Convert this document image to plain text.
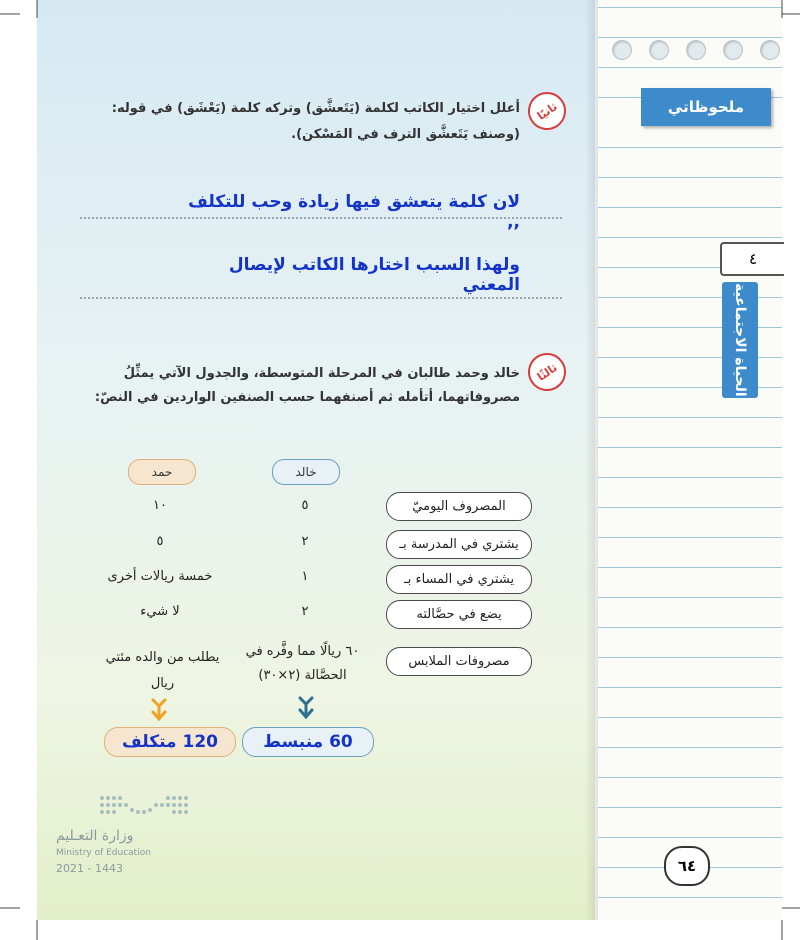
ملحوظاتي
٤
الحياة الاجتماعية
٦٤
ثانيًا
أعلل اختيار الكاتب لكلمة (يَتَعشَّق) وتركه كلمة (يَعْشَق) في قوله:
(وصنف يَتَعشَّق الترف في المَسْكن).
لان كلمة يتعشق فيها زيادة وحب للتكلف ,,
ولهذا السبب اختارها الكاتب لإيصال المعني
ثالثًا
خالد وحمد طالبان في المرحلة المتوسطة، والجدول الآتي يمثِّلُ
مصروفاتهما، أتأمله ثم أصنفهما حسب الصنفين الواردين في النصّ:
خالد
حمد
المصروف اليوميّ
يشتري في المدرسة بـ
يشتري في المساء بـ
يضع في حصَّالته
مصروفات الملابس
٥
٢
١
٢
٦٠ ريالًا مما وفَّره في
الحصَّالة (٢×٣٠)
١٠
٥
خمسة ريالات أخرى
لا شيء
يطلب من والده مئتي
ريال
60 منبسط
120 متكلف
وزارة التعـليم
Ministry of Education
2021 - 1443
